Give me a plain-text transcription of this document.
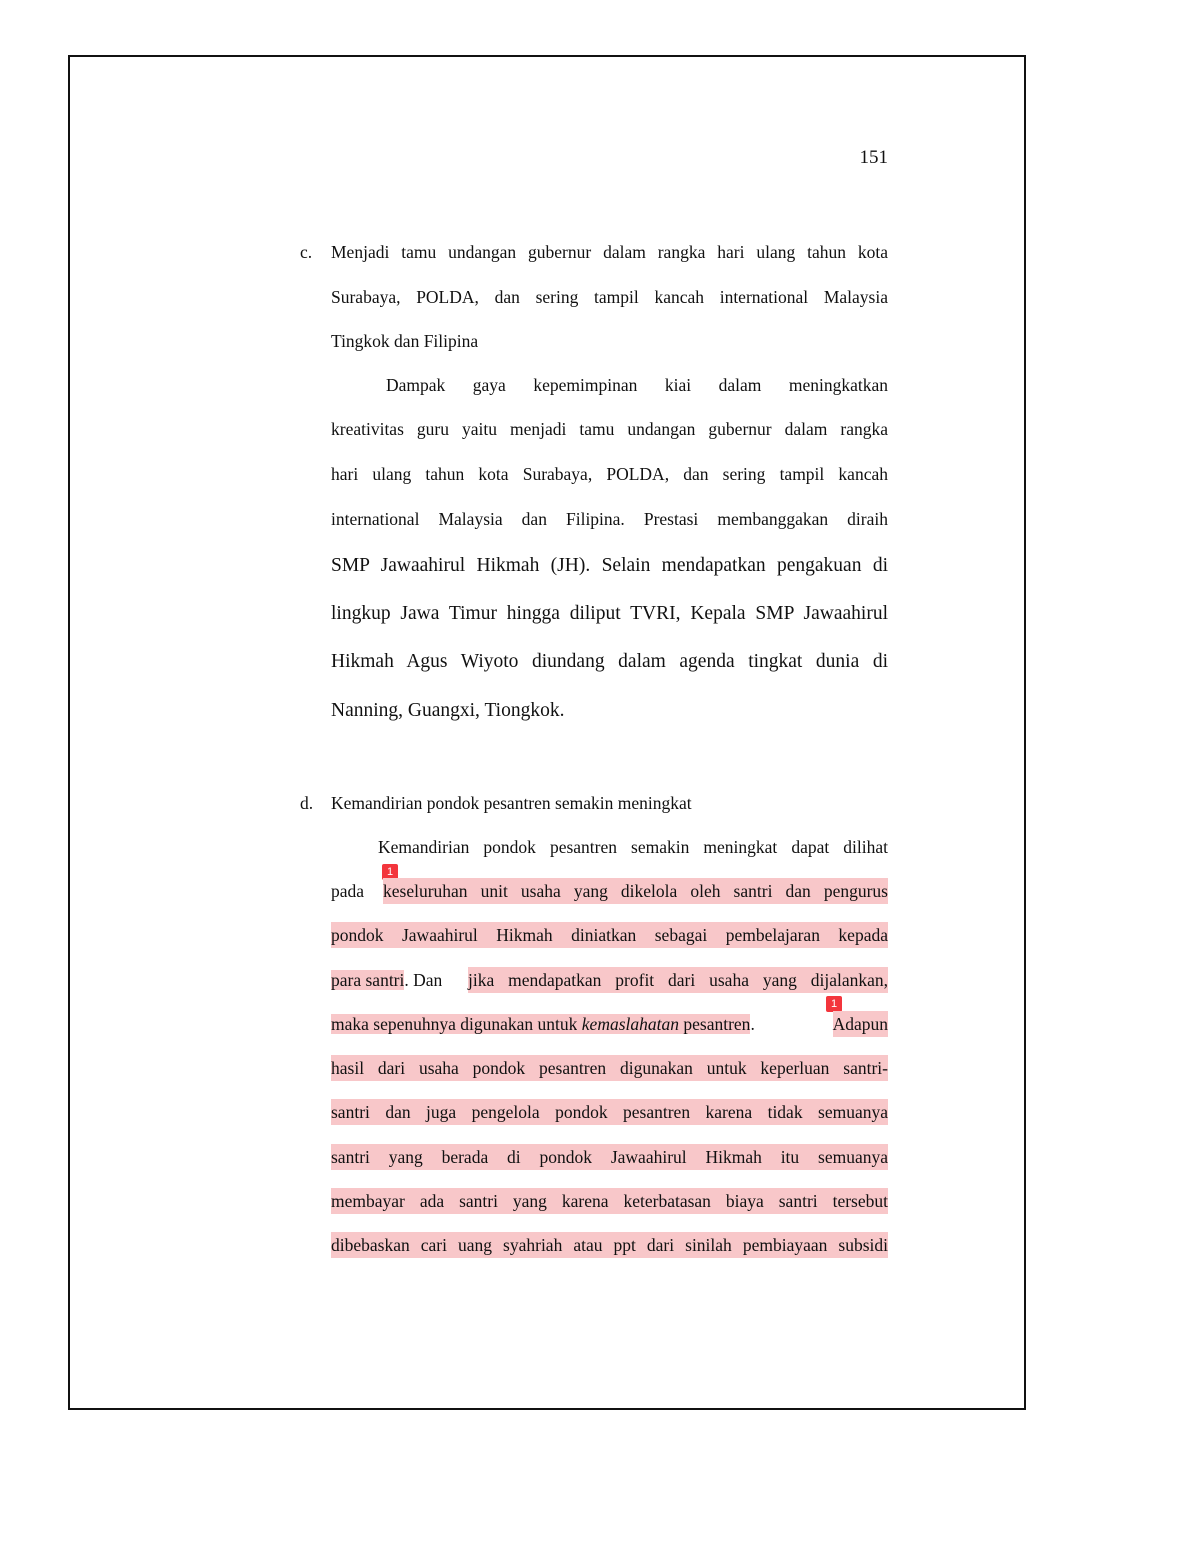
151
c.	Menjadi tamu undangan gubernur dalam rangka hari ulang tahun kota
Surabaya, POLDA, dan sering tampil kancah international Malaysia
Tingkok dan Filipina
Dampak gaya kepemimpinan kiai dalam meningkatkan
kreativitas guru yaitu menjadi tamu undangan gubernur dalam rangka
hari ulang tahun kota Surabaya, POLDA, dan sering tampil kancah
international Malaysia dan Filipina. Prestasi membanggakan diraih
SMP Jawaahirul Hikmah (JH). Selain mendapatkan pengakuan di
lingkup Jawa Timur hingga diliput TVRI, Kepala SMP Jawaahirul
Hikmah Agus Wiyoto diundang dalam agenda tingkat dunia di
Nanning, Guangxi, Tiongkok.
d.	Kemandirian pondok pesantren semakin meningkat
Kemandirian pondok pesantren semakin meningkat dapat dilihat
1
pada keseluruhan unit usaha yang dikelola oleh santri dan pengurus
pondok Jawaahirul Hikmah diniatkan sebagai pembelajaran kepada
para santri. Dan jika mendapatkan profit dari usaha yang dijalankan,
1
maka sepenuhnya digunakan untuk kemaslahatan pesantren.	Adapun
hasil dari usaha pondok pesantren digunakan untuk keperluan santri-
santri dan juga pengelola pondok pesantren karena tidak semuanya
santri yang berada di pondok Jawaahirul Hikmah itu semuanya
membayar ada santri yang karena keterbatasan biaya santri tersebut
dibebaskan cari uang syahriah atau ppt dari sinilah pembiayaan subsidi
